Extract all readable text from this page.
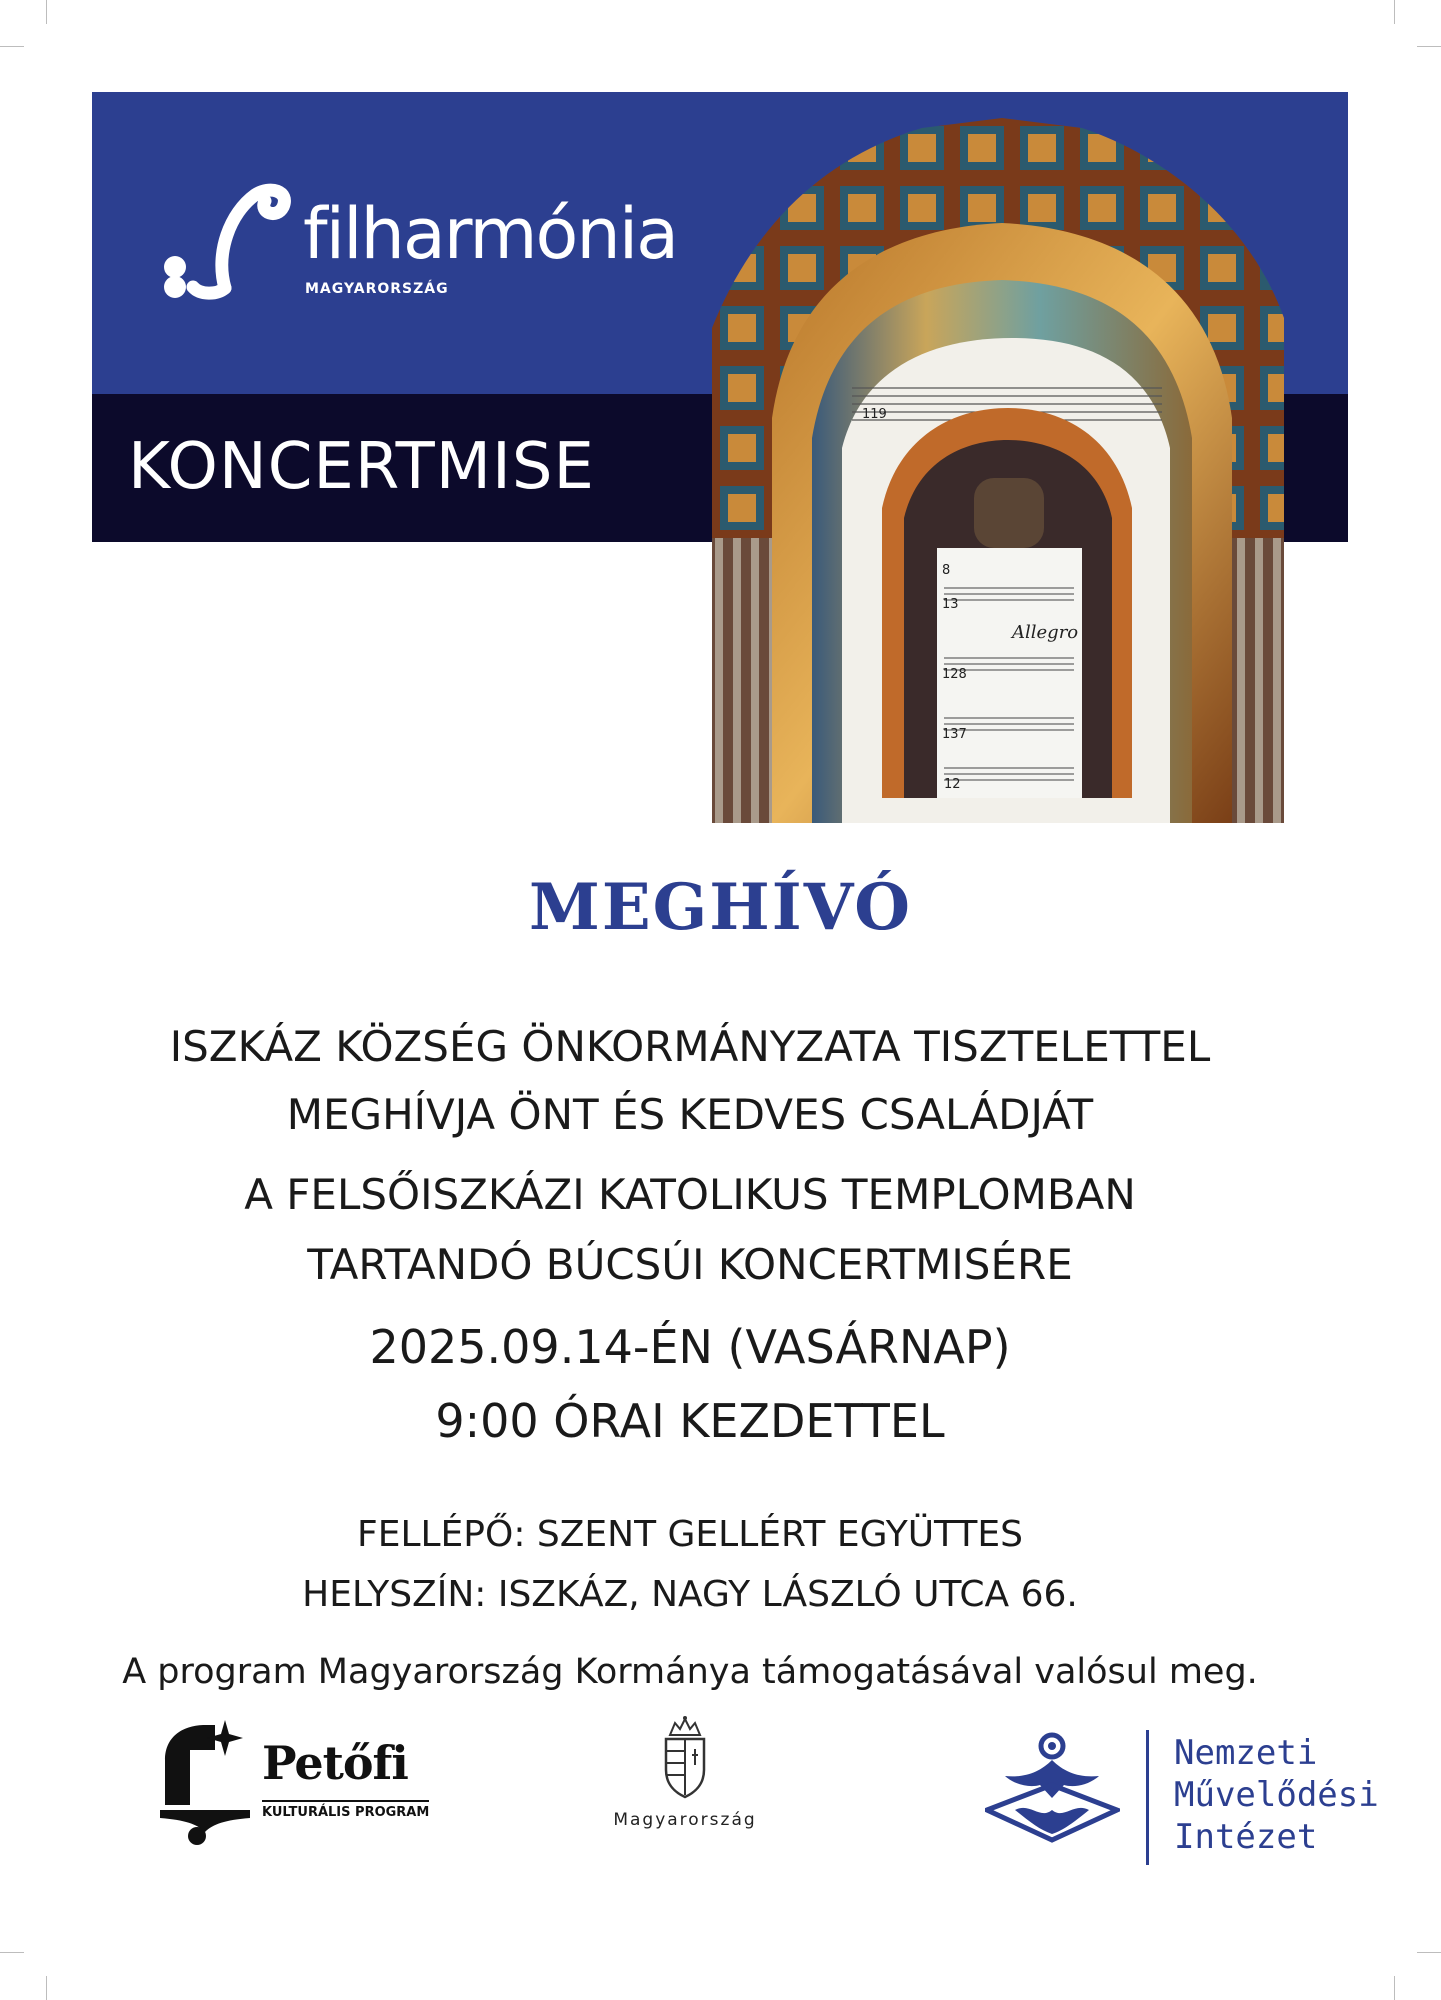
filharmónia
MAGYARORSZÁG
KONCERTMISE
Allegro
13
128
137
12
8
119
MEGHÍVÓ
ISZKÁZ KÖZSÉG ÖNKORMÁNYZATA TISZTELETTEL
MEGHÍVJA ÖNT ÉS KEDVES CSALÁDJÁT
A FELSŐISZKÁZI KATOLIKUS TEMPLOMBAN
TARTANDÓ BÚCSÚI KONCERTMISÉRE
2025.09.14-ÉN (VASÁRNAP)
9:00 ÓRAI KEZDETTEL
FELLÉPŐ: SZENT GELLÉRT EGYÜTTES
HELYSZÍN: ISZKÁZ, NAGY LÁSZLÓ UTCA 66.
A program Magyarország Kormánya támogatásával valósul meg.
Petőfi
KULTURÁLIS PROGRAM	Magyarország
Nemzeti
Művelődési
Intézet
